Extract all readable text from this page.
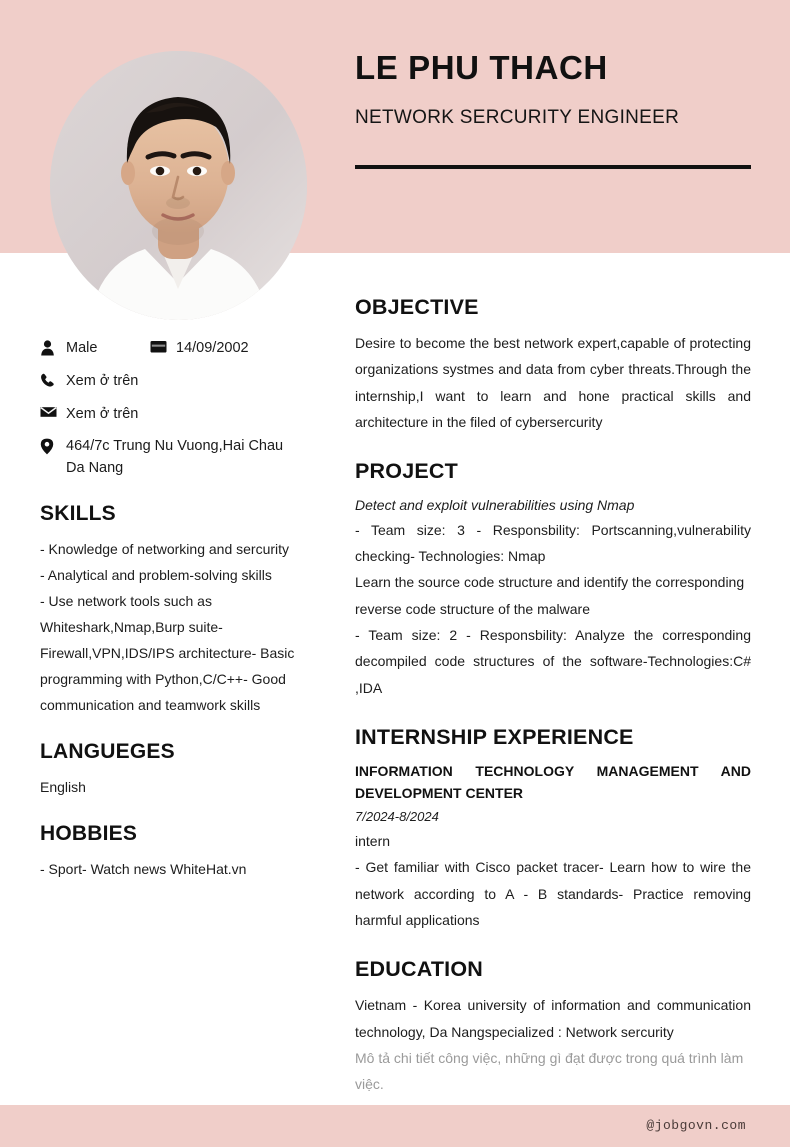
LE PHU THACH
NETWORK SERCURITY ENGINEER
Male	14/09/2002
Xem ở trên
Xem ở trên
464/7c Trung Nu Vuong,Hai Chau Da Nang
SKILLS
- Knowledge of networking and sercurity
- Analytical and problem-solving skills
- Use network tools such as Whiteshark,Nmap,Burp suite-Firewall,VPN,IDS/IPS architecture- Basic programming with Python,C/C++- Good communication and teamwork skills
LANGUEGES
English
HOBBIES
- Sport- Watch news WhiteHat.vn
OBJECTIVE
Desire to become the best network expert,capable of protecting organizations systmes and data from cyber threats.Through the internship,I want to learn and hone practical skills and architecture in the filed of cybersercurity
PROJECT
Detect and exploit vulnerabilities using Nmap
- Team size: 3 - Responsbility: Portscanning,vulnerability checking- Technologies: Nmap
Learn the source code structure and identify the corresponding reverse code structure of the malware
- Team size: 2 - Responsbility: Analyze the corresponding decompiled code structures of the software-Technologies:C# ,IDA
INTERNSHIP EXPERIENCE
INFORMATION TECHNOLOGY MANAGEMENT AND DEVELOPMENT CENTER
7/2024-8/2024
intern
- Get familiar with Cisco packet tracer- Learn how to wire the network according to A - B standards- Practice removing harmful applications
EDUCATION
Vietnam - Korea university of information and communication technology, Da Nangspecialized : Network sercurity
Mô tả chi tiết công việc, những gì đạt được trong quá trình làm việc.
@jobgovn.com
